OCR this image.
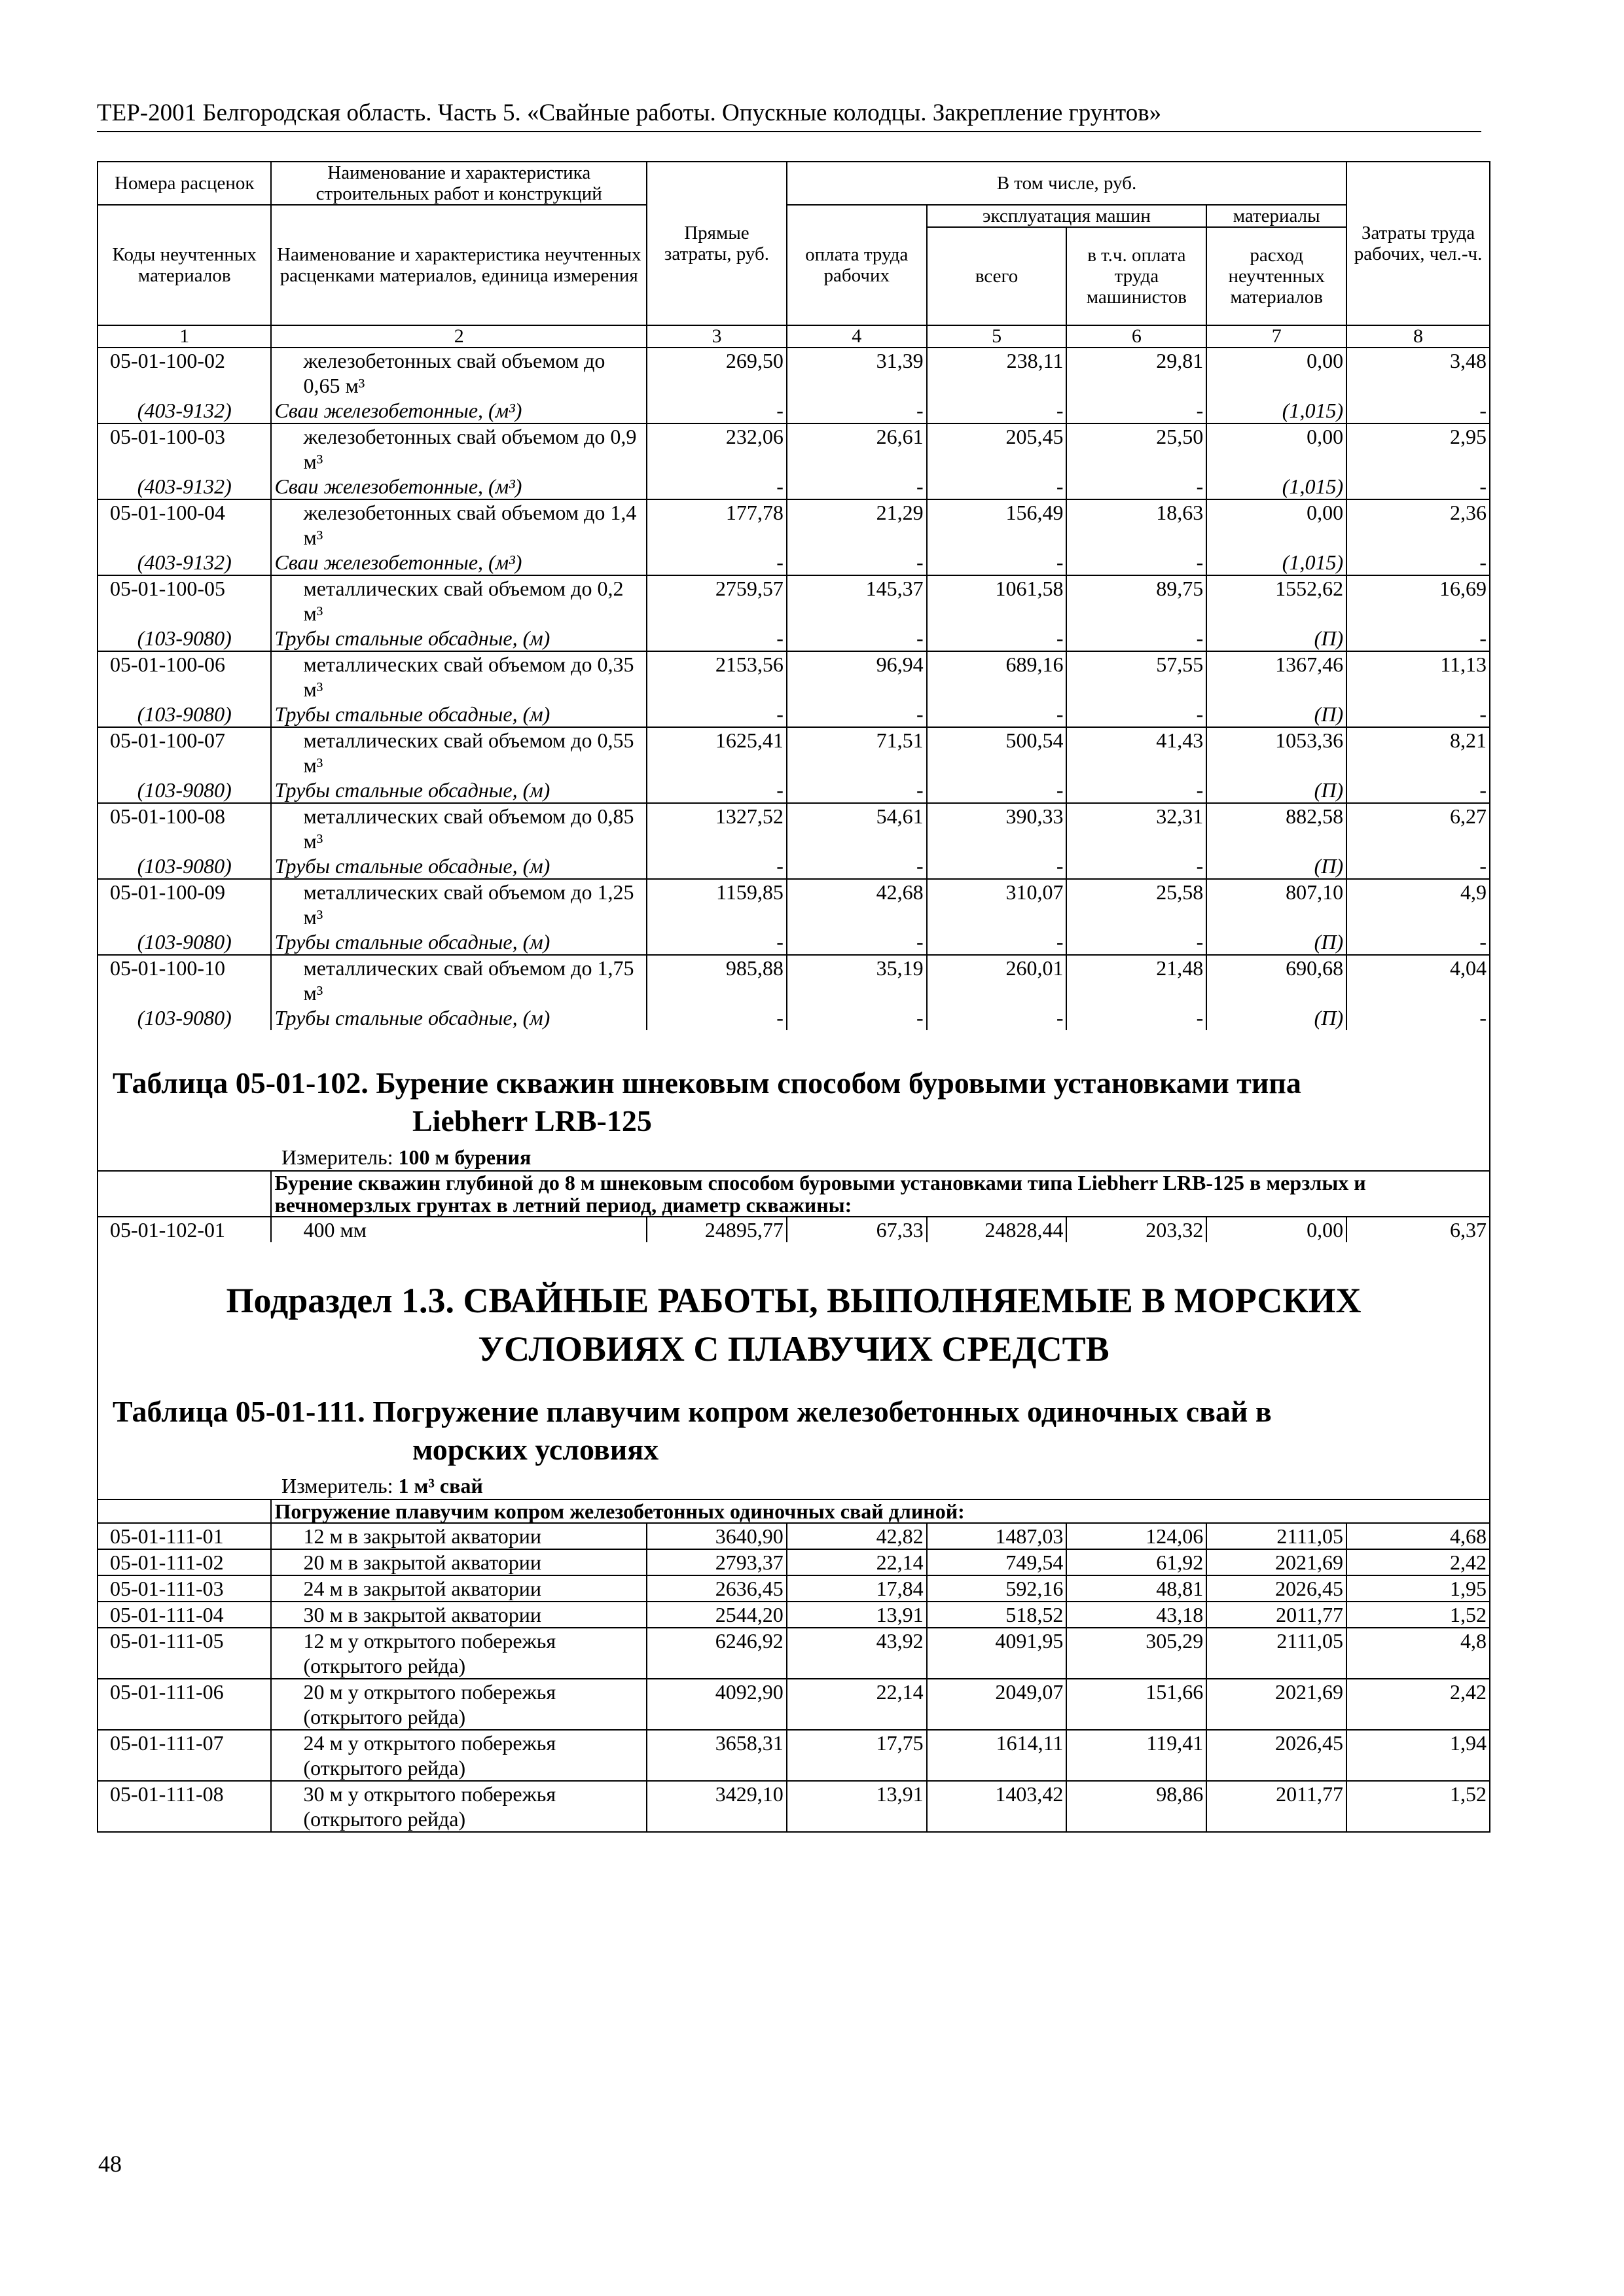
ТЕР-2001 Белгородская область. Часть 5. «Свайные работы. Опускные колодцы. Закрепление грунтов»
Номера расценок	Наименование и характеристика строительных работ и конструкций	Прямые затраты, руб.	В том числе, руб.				Затраты труда рабочих, чел.-ч.
Коды неучтенных материалов	Наименование и характеристика неучтенных расценками материалов, единица измерения		оплата труда рабочих	эксплуатация машин		материалы	
				всего	в т.ч. оплата труда машинистов	расход неучтенных материалов	
1	2	3	4	5	6	7	8
05-01-100-02	железобетонных свай объемом до 0,65 м³	269,50	31,39	238,11	29,81	0,00	3,48
(403-9132)	Сваи железобетонные, (м³)	-	-	-	-	(1,015)	-
05-01-100-03	железобетонных свай объемом до 0,9 м³	232,06	26,61	205,45	25,50	0,00	2,95
(403-9132)	Сваи железобетонные, (м³)	-	-	-	-	(1,015)	-
05-01-100-04	железобетонных свай объемом до 1,4 м³	177,78	21,29	156,49	18,63	0,00	2,36
(403-9132)	Сваи железобетонные, (м³)	-	-	-	-	(1,015)	-
05-01-100-05	металлических свай объемом до 0,2 м³	2759,57	145,37	1061,58	89,75	1552,62	16,69
(103-9080)	Трубы стальные обсадные, (м)	-	-	-	-	(П)	-
05-01-100-06	металлических свай объемом до 0,35 м³	2153,56	96,94	689,16	57,55	1367,46	11,13
(103-9080)	Трубы стальные обсадные, (м)	-	-	-	-	(П)	-
05-01-100-07	металлических свай объемом до 0,55 м³	1625,41	71,51	500,54	41,43	1053,36	8,21
(103-9080)	Трубы стальные обсадные, (м)	-	-	-	-	(П)	-
05-01-100-08	металлических свай объемом до 0,85 м³	1327,52	54,61	390,33	32,31	882,58	6,27
(103-9080)	Трубы стальные обсадные, (м)	-	-	-	-	(П)	-
05-01-100-09	металлических свай объемом до 1,25 м³	1159,85	42,68	310,07	25,58	807,10	4,9
(103-9080)	Трубы стальные обсадные, (м)	-	-	-	-	(П)	-
05-01-100-10	металлических свай объемом до 1,75 м³	985,88	35,19	260,01	21,48	690,68	4,04
(103-9080)	Трубы стальные обсадные, (м)	-	-	-	-	(П)	-
Таблица 05-01-102. Бурение скважин шнековым способом буровыми установками типа
Liebherr LRB-125
Измеритель: 100 м бурения
	Бурение скважин глубиной до 8 м шнековым способом буровыми установками типа Liebherr LRB-125 в мерзлых и вечномерзлых грунтах в летний период, диаметр скважины:						
05-01-102-01	400 мм	24895,77	67,33	24828,44	203,32	0,00	6,37
Подраздел 1.3. СВАЙНЫЕ РАБОТЫ, ВЫПОЛНЯЕМЫЕ В МОРСКИХ
УСЛОВИЯХ С ПЛАВУЧИХ СРЕДСТВ
Таблица 05-01-111. Погружение плавучим копром железобетонных одиночных свай в
морских условиях
Измеритель: 1 м³ свай
	Погружение плавучим копром железобетонных одиночных свай длиной:						
05-01-111-01	12 м в закрытой акватории	3640,90	42,82	1487,03	124,06	2111,05	4,68
05-01-111-02	20 м в закрытой акватории	2793,37	22,14	749,54	61,92	2021,69	2,42
05-01-111-03	24 м в закрытой акватории	2636,45	17,84	592,16	48,81	2026,45	1,95
05-01-111-04	30 м в закрытой акватории	2544,20	13,91	518,52	43,18	2011,77	1,52
05-01-111-05	12 м у открытого побережья (открытого рейда)	6246,92	43,92	4091,95	305,29	2111,05	4,8
05-01-111-06	20 м у открытого побережья (открытого рейда)	4092,90	22,14	2049,07	151,66	2021,69	2,42
05-01-111-07	24 м у открытого побережья (открытого рейда)	3658,31	17,75	1614,11	119,41	2026,45	1,94
05-01-111-08	30 м у открытого побережья (открытого рейда)	3429,10	13,91	1403,42	98,86	2011,77	1,52
48
